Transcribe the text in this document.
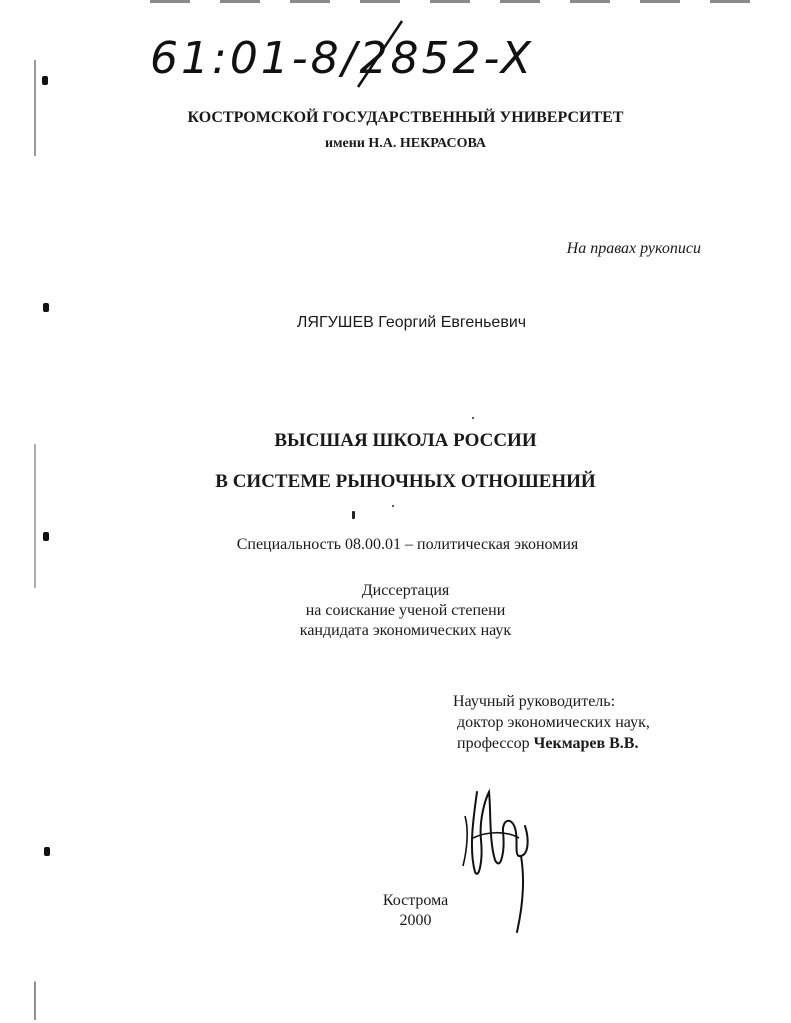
61:01-8/2852-X
КОСТРОМСКОЙ ГОСУДАРСТВЕННЫЙ УНИВЕРСИТЕТ
имени Н.А. НЕКРАСОВА
На правах рукописи
ЛЯГУШЕВ Георгий Евгеньевич
ВЫСШАЯ ШКОЛА РОССИИ
В СИСТЕМЕ РЫНОЧНЫХ ОТНОШЕНИЙ
Специальность 08.00.01 – политическая экономия
Диссертация
на соискание ученой степени
кандидата экономических наук
Научный руководитель:
доктор экономических наук,
профессор Чекмарев В.В.
Кострома
2000
